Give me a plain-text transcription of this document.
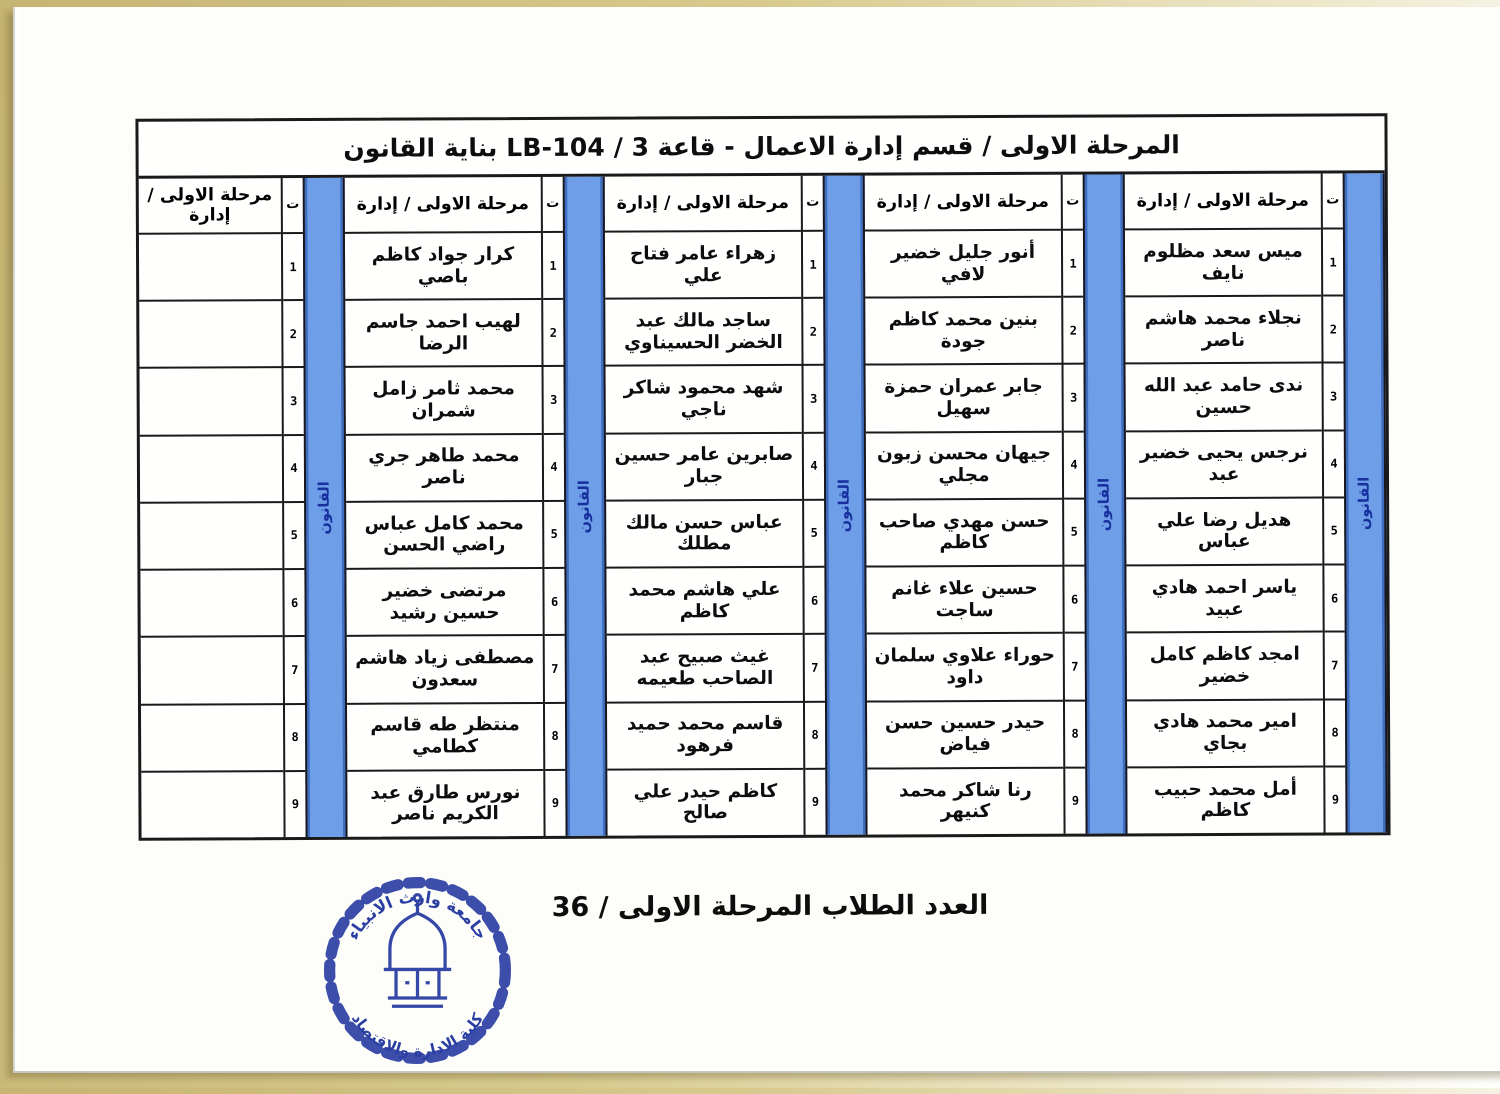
المرحلة الاولى / قسم إدارة الاعمال - قاعة 3 / LB-104 بناية القانون
القانون
ت
1
2
3
4
5
6
7
8
9
مرحلة الاولى / إدارة
ميس سعد مظلوم نايف
نجلاء محمد هاشم ناصر
ندى حامد عبد الله حسين
نرجس يحيى خضير عبد
هديل رضا علي عباس
ياسر احمد هادي عبيد
امجد كاظم كامل خضير
امير محمد هادي بجاي
أمل محمد حبيب كاظم
القانون
ت
1
2
3
4
5
6
7
8
9
مرحلة الاولى / إدارة
أنور جليل خضير لافي
بنين محمد كاظم جودة
جابر عمران حمزة سهيل
جيهان محسن زبون مجلي
حسن مهدي صاحب كاظم
حسين علاء غانم ساجت
حوراء علاوي سلمان داود
حيدر حسين حسن فياض
رنا شاكر محمد كنيهر
القانون
ت
1
2
3
4
5
6
7
8
9
مرحلة الاولى / إدارة
زهراء عامر فتاح علي
ساجد مالك عبد الخضر الحسيناوي
شهد محمود شاكر ناجي
صابرين عامر حسين جبار
عباس حسن مالك مطلك
علي هاشم محمد كاظم
غيث صبيح عبد الصاحب طعيمه
قاسم محمد حميد فرهود
كاظم حيدر علي صالح
القانون
ت
1
2
3
4
5
6
7
8
9
مرحلة الاولى / إدارة
كرار جواد كاظم باصي
لهيب احمد جاسم الرضا
محمد ثامر زامل شمران
محمد طاهر جري ناصر
محمد كامل عباس راضي الحسن
مرتضى خضير حسين رشيد
مصطفى زياد هاشم سعدون
منتظر طه قاسم كطامي
نورس طارق عبد الكريم ناصر
القانون
ت
1
2
3
4
5
6
7
8
9
مرحلة الاولى / إدارة
العدد الطلاب المرحلة الاولى / 36
جامعة وارث الانبياء
كلية الادارة والاقتصاد
